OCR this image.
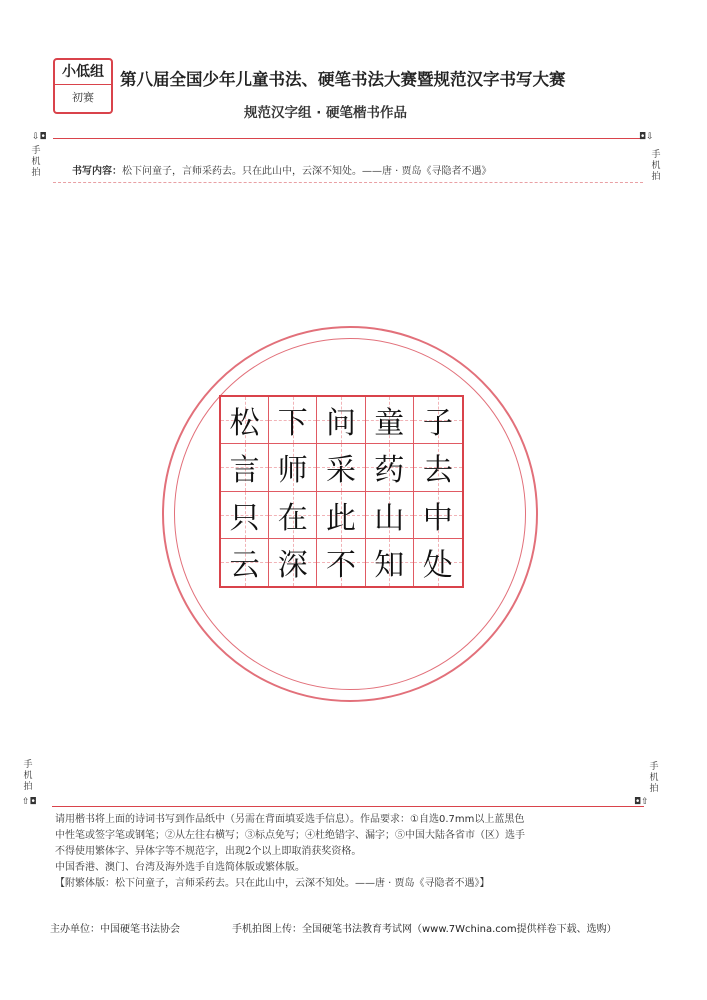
小低组
初赛
第八届全国少年儿童书法、硬笔书法大赛暨规范汉字书写大赛
规范汉字组 · 硬笔楷书作品
⇩◘
手机拍
◘⇩
手机拍
书写内容：松下问童子，言师采药去。只在此山中，云深不知处。——唐 · 贾岛《寻隐者不遇》
松 下 问 童 子
言 师 采 药 去
只 在 此 山 中
云 深 不 知 处
手机拍
⇧◘
手机拍
◘⇧
请用楷书将上面的诗词书写到作品纸中（另需在背面填妥选手信息）。作品要求：①自选0.7mm以上蓝黑色
中性笔或签字笔或钢笔；②从左往右横写；③标点免写；④杜绝错字、漏字；⑤中国大陆各省市（区）选手
不得使用繁体字、异体字等不规范字，出现2个以上即取消获奖资格。
中国香港、澳门、台湾及海外选手自选简体版或繁体版。
【附繁体版：松下问童子，言师采药去。只在此山中，云深不知处。——唐 · 贾岛《寻隐者不遇》】
主办单位：中国硬笔书法协会	手机拍图上传：全国硬笔书法教育考试网（www.7Wchina.com提供样卷下载、选购）
